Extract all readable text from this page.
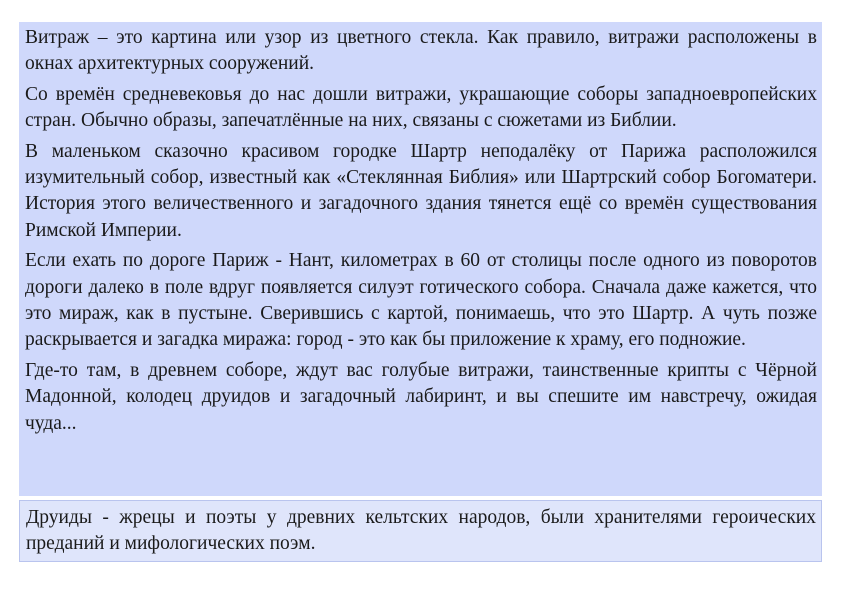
Витраж – это картина или узор из цветного стекла. Как правило, витражи расположены в окнах архитектурных сооружений.

Со времён средневековья до нас дошли витражи, украшающие соборы западноевропейских стран. Обычно образы, запечатлённые на них, связаны с сюжетами из Библии.

В маленьком сказочно красивом городке Шартр неподалёку от Парижа расположился изумительный собор, известный как «Стеклянная Библия» или Шартрский собор Богоматери. История этого величественного и загадочного здания тянется ещё со времён существования Римской Империи.

Если ехать по дороге Париж - Нант, километрах в 60 от столицы после одного из поворотов дороги далеко в поле вдруг появляется силуэт готического собора. Сначала даже кажется, что это мираж, как в пустыне. Сверившись с картой, понимаешь, что это Шартр. А чуть позже раскрывается и загадка миража: город - это как бы приложение к храму, его подножие.

Где-то там, в древнем соборе, ждут вас голубые витражи, таинственные крипты с Чёрной Мадонной, колодец друидов и загадочный лабиринт, и вы спешите им навстречу, ожидая чуда...

Друиды - жрецы и поэты у древних кельтских народов, были хранителями героических преданий и мифологических поэм.
